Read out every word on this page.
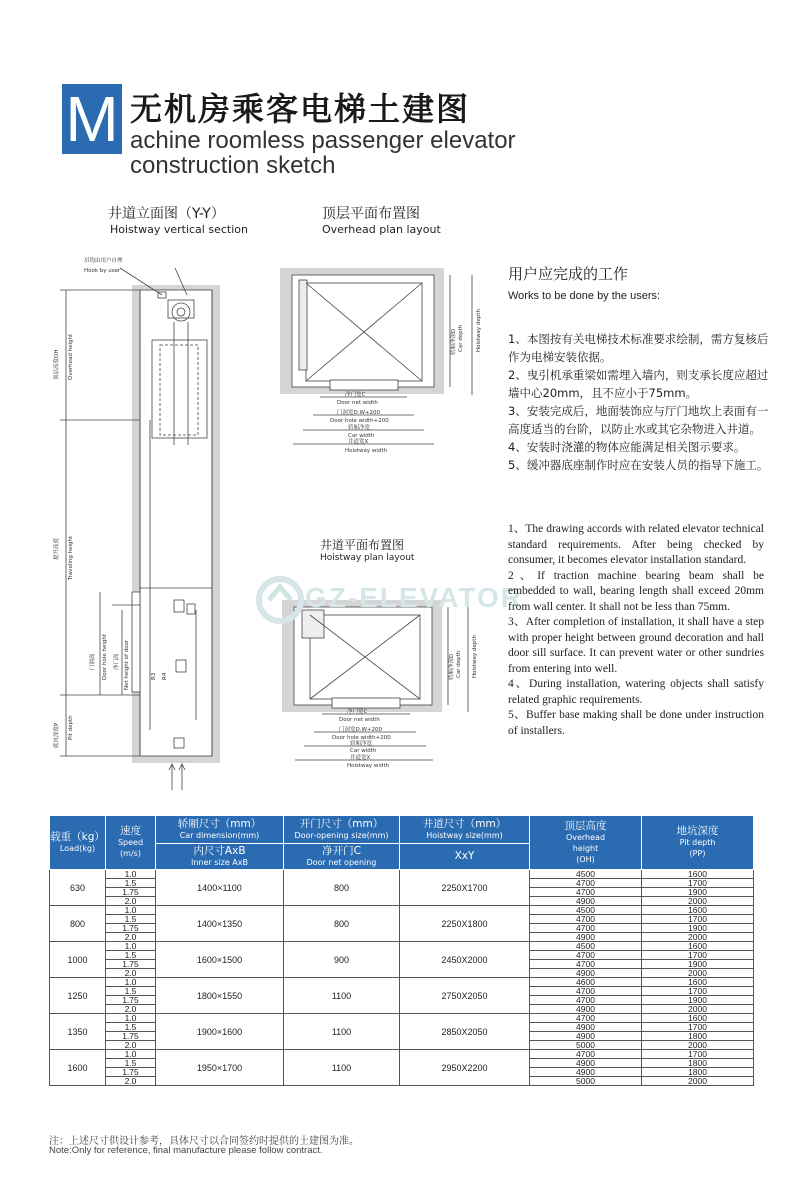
M 无机房乘客电梯土建图
achine roomless passenger elevator
construction sketch
井道立面图（Y-Y）
Hoistway vertical section
顶层平面布置图
Overhead plan layout
井道平面布置图
Hoistway plan layout
吊钩由用户自理
Hook by user
顶层高度OH Overhead height
提升高度 Traveling height
门洞高 Door hole height	净门高 Net height of door
底坑深度P Pit depth
R3 R4
净门宽C
Door net width
门洞宽D.W+200
Door hole width+200
轿厢净宽
Car width
井道宽X
Hoistway width
轿厢净深D Car depth Hoistway depth
净门宽C
Door net width
门洞宽D.W+200
Door hole width+200
轿厢净宽
Car width
井道宽X
Hoistway width
轿厢净深D Car depth Hoistway depth
GZ-ELEVATOR
用户应完成的工作
Works to be done by the users:
1、本图按有关电梯技术标准要求绘制，需方复核后作为电梯安装依据。
2、曳引机承重梁如需埋入墙内，则支承长度应超过墙中心20mm，且不应小于75mm。
3、安装完成后，地面装饰应与厅门地坎上表面有一高度适当的台阶，以防止水或其它杂物进入井道。
4、安装时浇灌的物体应能满足相关图示要求。
5、缓冲器底座制作时应在安装人员的指导下施工。
1、The drawing accords with related elevator technical standard requirements. After being checked by consumer, it becomes elevator installation standard.
2、If traction machine bearing beam shall be embedded to wall, bearing length shall exceed 20mm from wall center. It shall not be less than 75mm.
3、After completion of installation, it shall have a step with proper height between ground decoration and hall door sill surface. It can prevent water or other sundries from entering into well.
4、During installation, watering objects shall satisfy related graphic requirements.
5、Buffer base making shall be done under instruction of installers.
载重（kg）
Load(kg)	速度
Speed
(m/s)	轿厢尺寸（mm）
Car dimension(mm)	开门尺寸（mm）
Door-opening size(mm)	井道尺寸（mm）
Hoistway size(mm)	顶层高度
Overhead
height
(OH)	地坑深度
Pit depth
(PP)

		内尺寸AxB
Inner size AxB	净开门C
Door net opening	XxY		

630	1.0	1400×1100	800	2250X1700	4500	1600
	1.5				4700	1700
	1.75				4700	1900
	2.0				4900	2000
800	1.0	1400×1350	800	2250X1800	4500	1600
	1.5				4700	1700
	1.75				4700	1900
	2.0				4900	2000
1000	1.0	1600×1500	900	2450X2000	4500	1600
	1.5				4700	1700
	1.75				4700	1900
	2.0				4900	2000
1250	1.0	1800×1550	1100	2750X2050	4600	1600
	1.5				4700	1700
	1.75				4700	1900
	2.0				4900	2000
1350	1.0	1900×1600	1100	2850X2050	4700	1600
	1.5				4900	1700
	1.75				4900	1800
	2.0				5000	2000
1600	1.0	1950×1700	1100	2950X2200	4700	1700
	1.5				4900	1800
	1.75				4900	1800
	2.0				5000	2000
注：上述尺寸供设计参考，具体尺寸以合同签约时提供的土建图为准。
Note:Only for reference, final manufacture please follow contract.
